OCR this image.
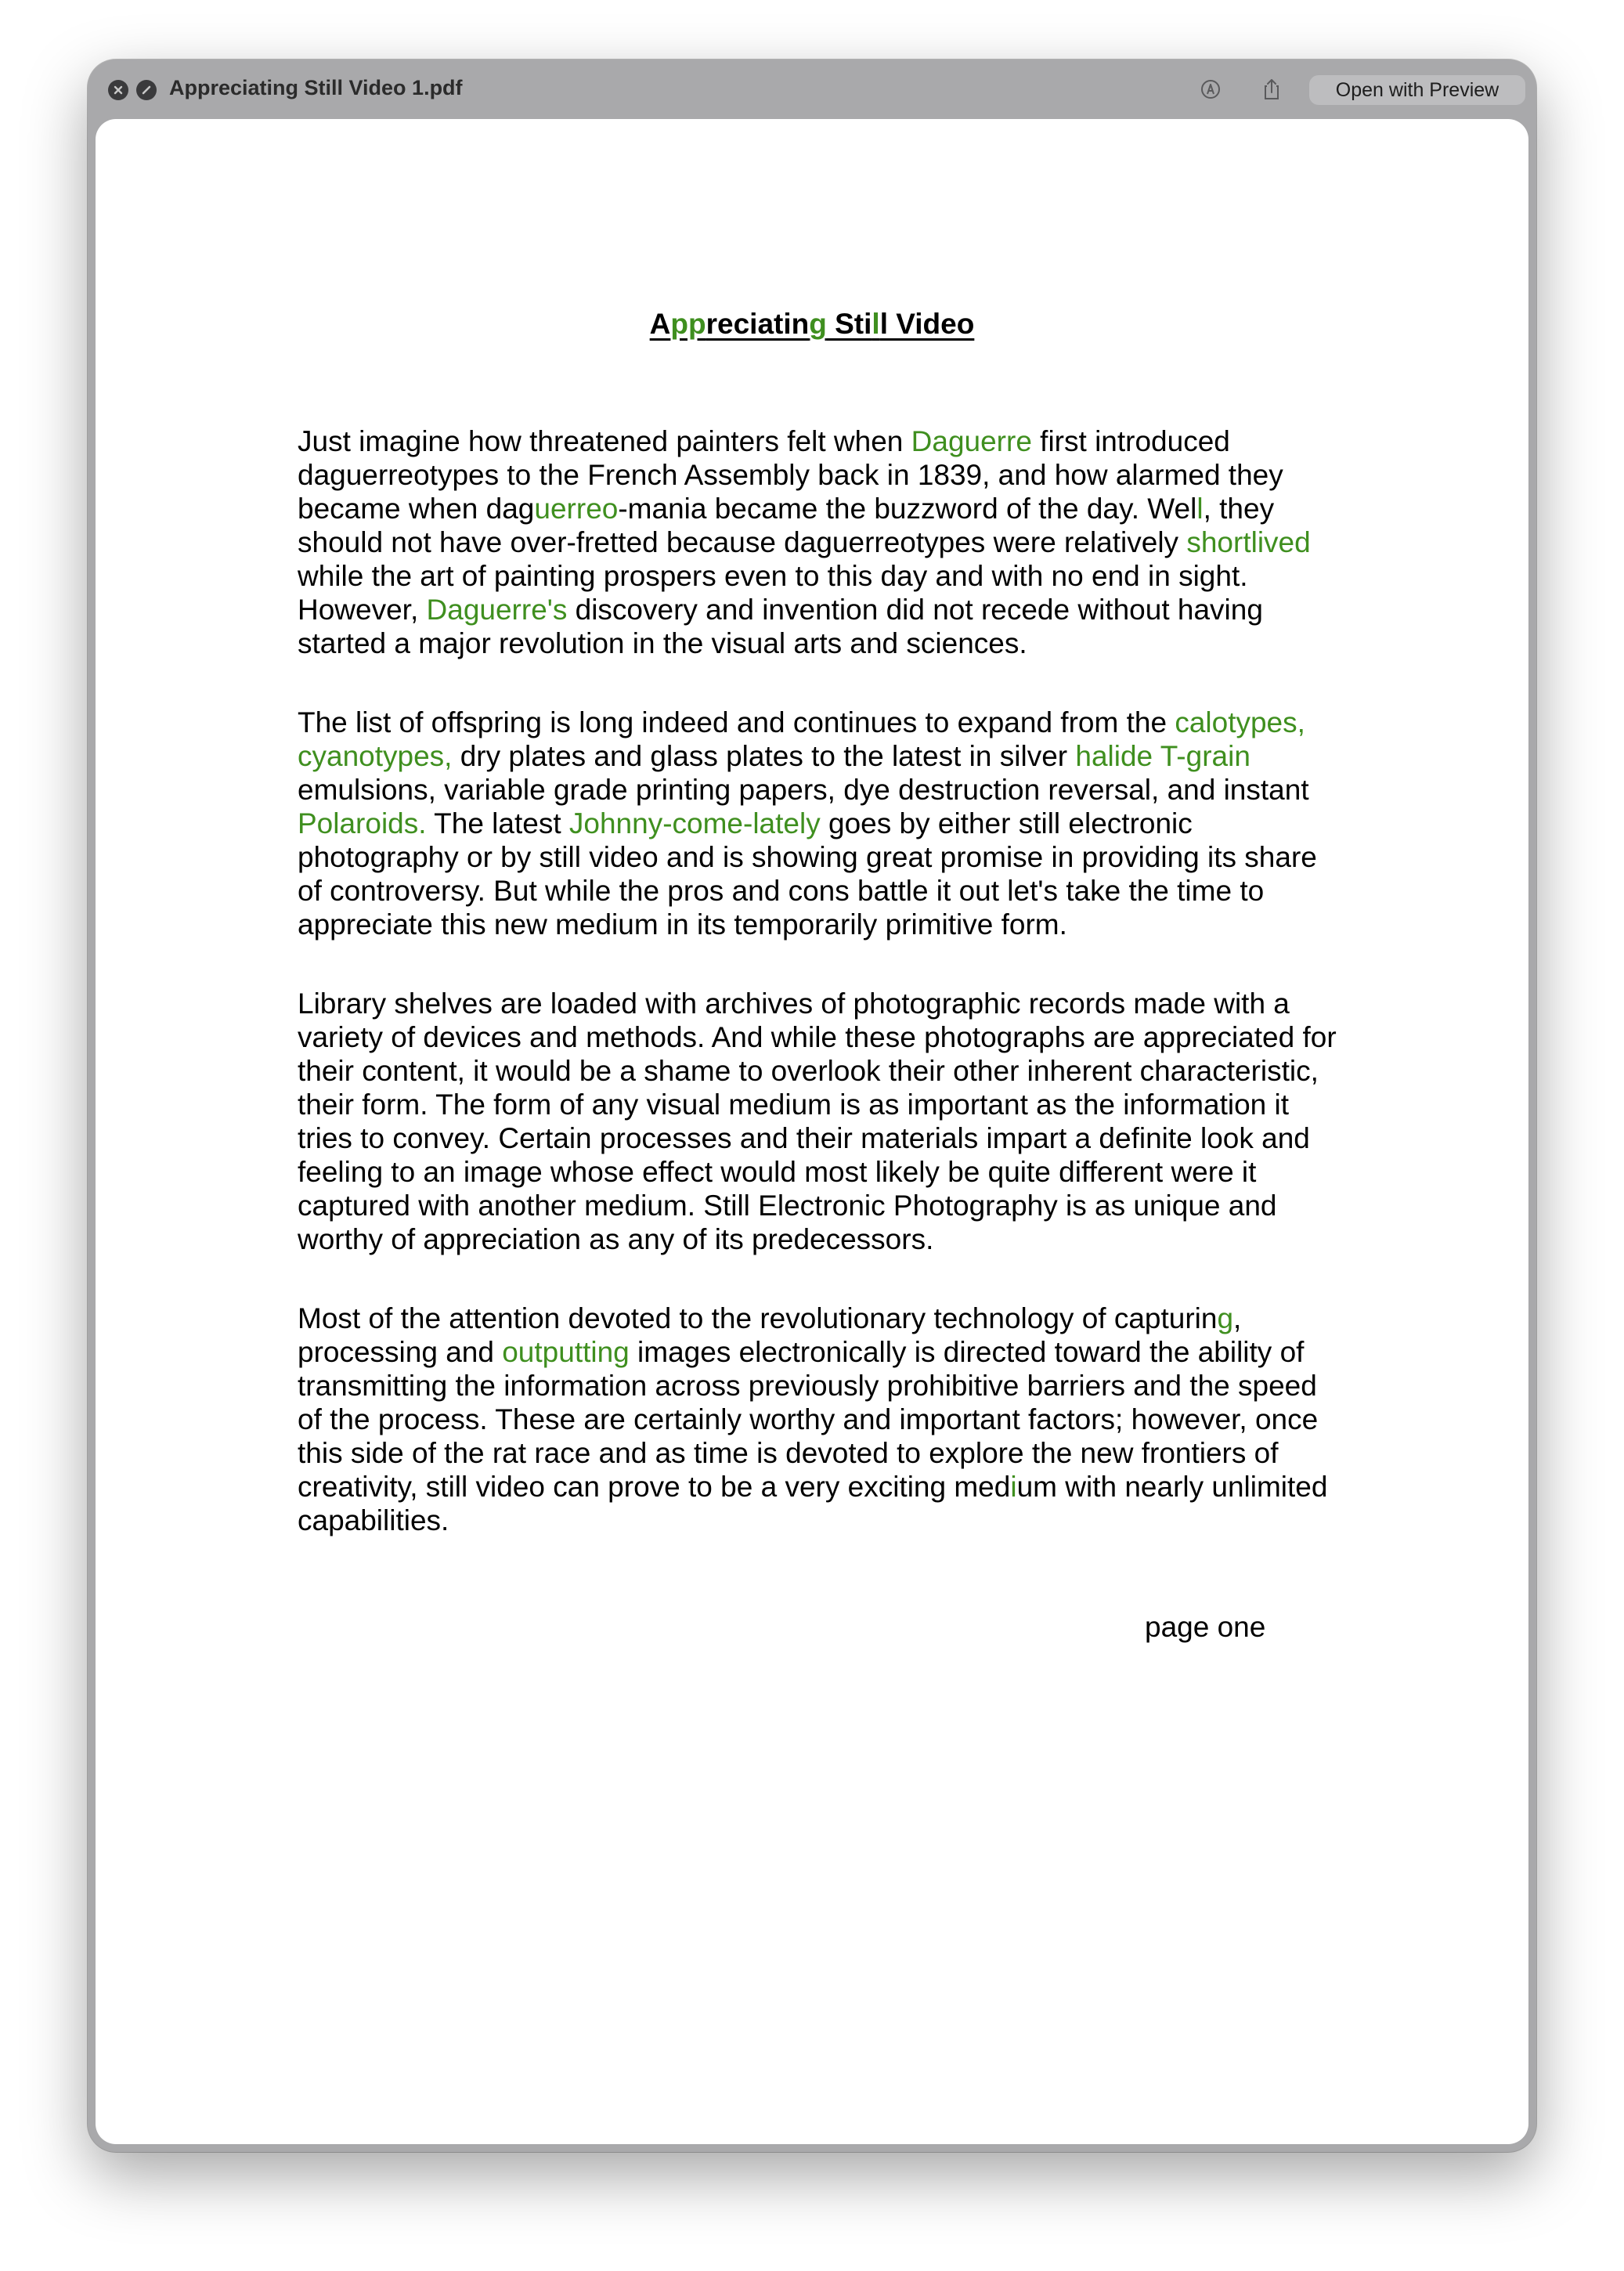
Appreciating Still Video 1.pdf	Open with Preview
Appreciating Still Video

Just imagine how threatened painters felt when Daguerre first introduced daguerreotypes to the French Assembly back in 1839, and how alarmed they became when daguerreo-mania became the buzzword of the day. Well, they should not have over-fretted because daguerreotypes were relatively shortlived while the art of painting prospers even to this day and with no end in sight. However, Daguerre's discovery and invention did not recede without having started a major revolution in the visual arts and sciences.

The list of offspring is long indeed and continues to expand from the calotypes, cyanotypes, dry plates and glass plates to the latest in silver halide T-grain emulsions, variable grade printing papers, dye destruction reversal, and instant Polaroids. The latest Johnny-come-lately goes by either still electronic photography or by still video and is showing great promise in providing its share of controversy. But while the pros and cons battle it out let's take the time to appreciate this new medium in its temporarily primitive form.

Library shelves are loaded with archives of photographic records made with a variety of devices and methods. And while these photographs are appreciated for their content, it would be a shame to overlook their other inherent characteristic, their form. The form of any visual medium is as important as the information it tries to convey. Certain processes and their materials impart a definite look and feeling to an image whose effect would most likely be quite different were it captured with another medium. Still Electronic Photography is as unique and worthy of appreciation as any of its predecessors.

Most of the attention devoted to the revolutionary technology of capturing, processing and outputting images electronically is directed toward the ability of transmitting the information across previously prohibitive barriers and the speed of the process. These are certainly worthy and important factors; however, once this side of the rat race and as time is devoted to explore the new frontiers of creativity, still video can prove to be a very exciting medium with nearly unlimited capabilities.

page one
